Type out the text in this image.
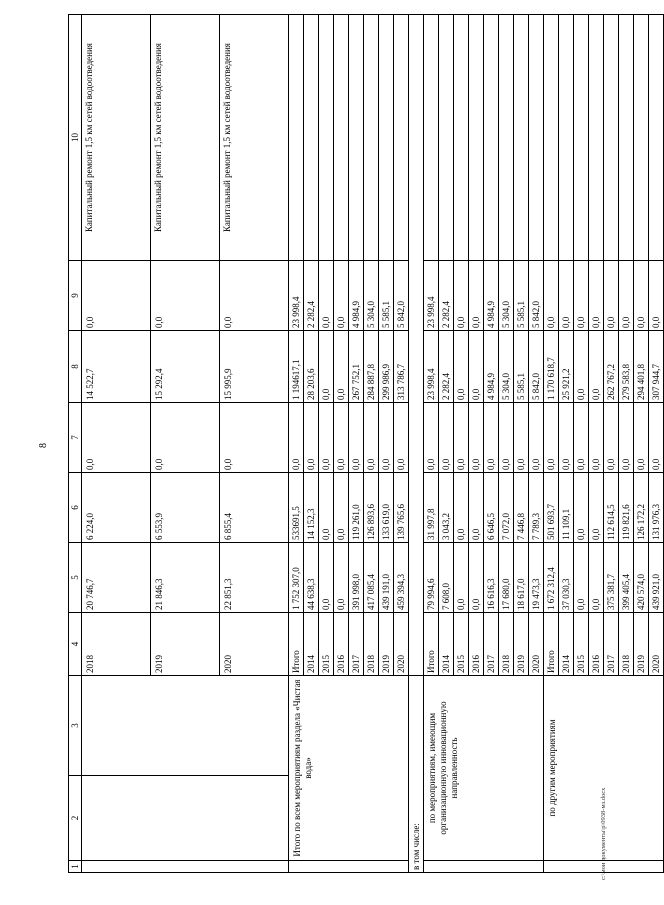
8
c:\мои документы\р\0938-мз.docx
1	2	3	4	5	6	7	8	9	10
			2018	20 746,7	6 224,0	0,0	14 522,7	0,0	Капитальный ремонт 1,5 км сетей водоотведения
			2019	21 846,3	6 553,9	0,0	15 292,4	0,0	Капитальный ремонт 1,5 км сетей водоотведения
			2020	22 851,3	6 855,4	0,0	15 995,9	0,0	Капитальный ремонт 1,5 км сетей водоотведения
	Итого по всем мероприятиям раздела «Чистая вода»		Итого	1 752 307,0	533691,5	0,0	1 194617,1	23 998,4	
			2014	44 638,3	14 152,3	0,0	28 203,6	2 282,4	
			2015	0,0	0,0	0,0	0,0	0,0	
			2016	0,0	0,0	0,0	0,0	0,0	
			2017	391 998,0	119 261,0	0,0	267 752,1	4 984,9	
			2018	417 085,4	126 893,6	0,0	284 887,8	5 304,0	
			2019	439 191,0	133 619,0	0,0	299 986,9	5 585,1	
			2020	459 394,3	139 765,6	0,0	313 786,7	5 842,0	
в том числе:									
	по мероприятиям, имеющим организационную инновационную направленность		Итого	79 994,6	31 997,8	0,0	23 998,4	23 998,4	
			2014	7 608,0	3 043,2	0,0	2 282,4	2 282,4	
			2015	0,0	0,0	0,0	0,0	0,0	
			2016	0,0	0,0	0,0	0,0	0,0	
			2017	16 616,3	6 646,5	0,0	4 984,9	4 984,9	
			2018	17 680,0	7 072,0	0,0	5 304,0	5 304,0	
			2019	18 617,0	7 446,8	0,0	5 585,1	5 585,1	
			2020	19 473,3	7 789,3	0,0	5 842,0	5 842,0	
	по другим мероприятиям		Итого	1 672 312,4	501 693,7	0,0	1 170 618,7	0,0	
			2014	37 030,3	11 109,1	0,0	25 921,2	0,0	
			2015	0,0	0,0	0,0	0,0	0,0	
			2016	0,0	0,0	0,0	0,0	0,0	
			2017	375 381,7	112 614,5	0,0	262 767,2	0,0	
			2018	399 405,4	119 821,6	0,0	279 583,8	0,0	
			2019	420 574,0	126 172,2	0,0	294 401,8	0,0	
			2020	439 921,0	131 976,3	0,0	307 944,7	0,0	
